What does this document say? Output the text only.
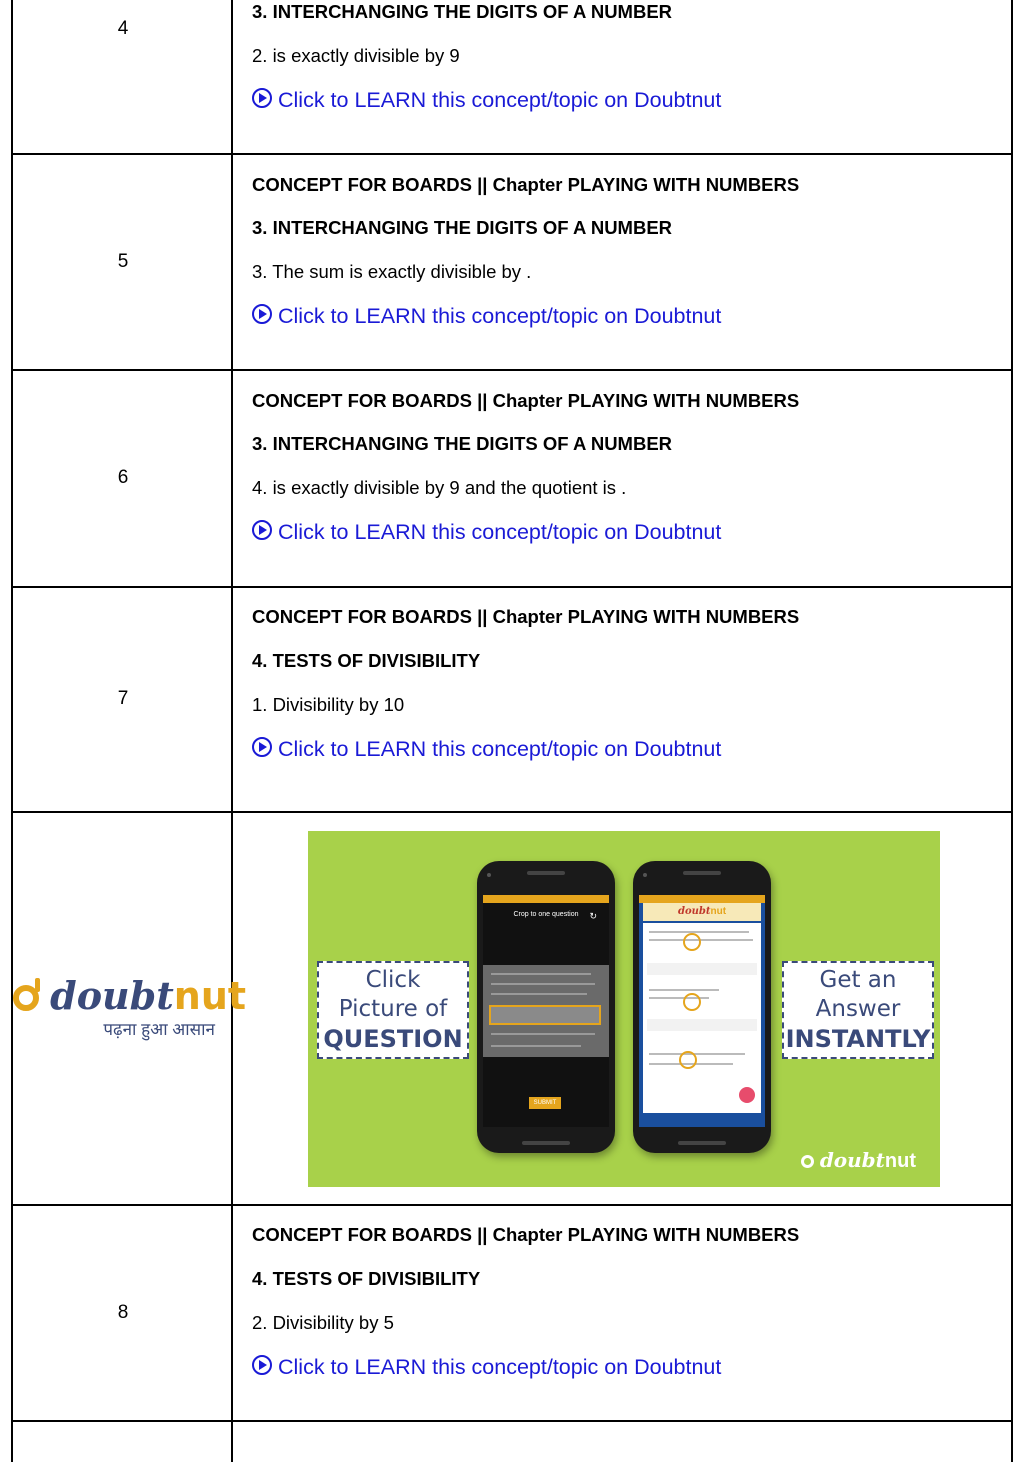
4
3. INTERCHANGING THE DIGITS OF A NUMBER
2. is exactly divisible by 9
Click to LEARN this concept/topic on Doubtnut
5
CONCEPT FOR BOARDS || Chapter PLAYING WITH NUMBERS
3. INTERCHANGING THE DIGITS OF A NUMBER
3. The sum is exactly divisible by .
Click to LEARN this concept/topic on Doubtnut
6
CONCEPT FOR BOARDS || Chapter PLAYING WITH NUMBERS
3. INTERCHANGING THE DIGITS OF A NUMBER
4. is exactly divisible by 9 and the quotient is .
Click to LEARN this concept/topic on Doubtnut
7
CONCEPT FOR BOARDS || Chapter PLAYING WITH NUMBERS
4. TESTS OF DIVISIBILITY
1. Divisibility by 10
Click to LEARN this concept/topic on Doubtnut
doubtnut
पढ़ना हुआ आसान
Click
Picture of
QUESTION
Get an
Answer
INSTANTLY
Crop to one question	↻
SUBMIT
doubtnut
doubtnut
8
CONCEPT FOR BOARDS || Chapter PLAYING WITH NUMBERS
4. TESTS OF DIVISIBILITY
2. Divisibility by 5
Click to LEARN this concept/topic on Doubtnut
